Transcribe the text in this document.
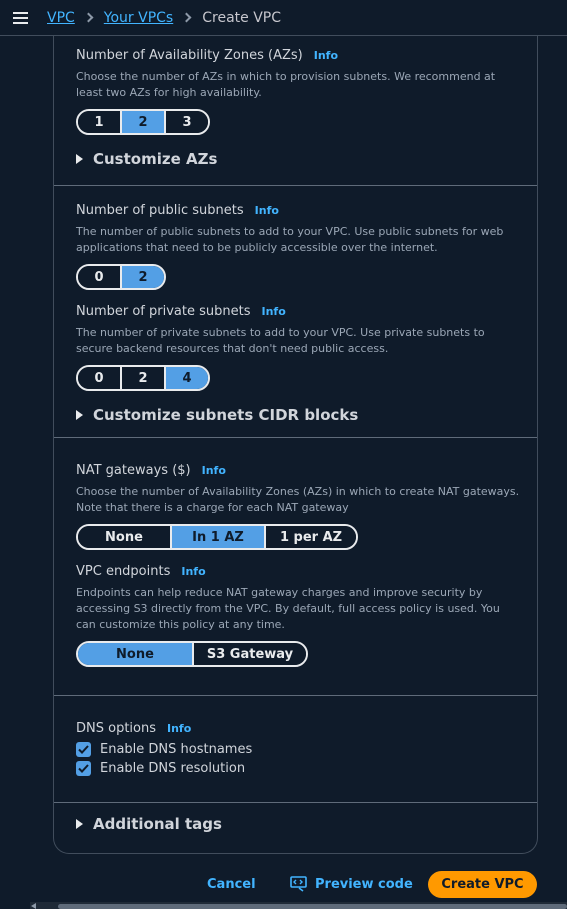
VPC Your VPCs Create VPC
Number of Availability Zones (AZs) Info
Choose the number of AZs in which to provision subnets. We recommend at least two AZs for high availability.
1	2	3
Customize AZs
Number of public subnets Info
The number of public subnets to add to your VPC. Use public subnets for web applications that need to be publicly accessible over the internet.
0	2
Number of private subnets Info
The number of private subnets to add to your VPC. Use private subnets to secure backend resources that don't need public access.
0	2	4
Customize subnets CIDR blocks
NAT gateways ($) Info
Choose the number of Availability Zones (AZs) in which to create NAT gateways. Note that there is a charge for each NAT gateway
None	In 1 AZ	1 per AZ
VPC endpoints Info
Endpoints can help reduce NAT gateway charges and improve security by accessing S3 directly from the VPC. By default, full access policy is used. You can customize this policy at any time.
None	S3 Gateway
DNS options Info
Enable DNS hostnames
Enable DNS resolution
Additional tags
Cancel	Preview code	Create VPC
